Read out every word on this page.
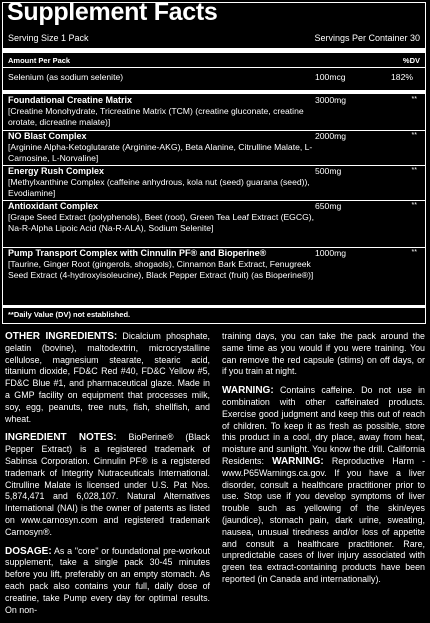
Supplement Facts
Serving Size 1 Pack	Servings Per Container 30
Amount Per Pack	%DV
Selenium (as sodium selenite)	100mcg	182%
Foundational Creatine Matrix
[Creatine Monohydrate, Tricreatine Matrix (TCM) (creatine gluconate, creatine orotate, dicreatine malate)]
3000mg	**
NO Blast Complex
[Arginine Alpha-Ketoglutarate (Arginine-AKG), Beta Alanine, Citrulline Malate, L-Carnosine, L-Norvaline]
2000mg	**
Energy Rush Complex
[Methylxanthine Complex (caffeine anhydrous, kola nut (seed) guarana (seed)), Evodiamine]
500mg	**
Antioxidant Complex
[Grape Seed Extract (polyphenols), Beet (root), Green Tea Leaf Extract (EGCG), Na-R-Alpha Lipoic Acid (Na-R-ALA), Sodium Selenite]
650mg	**
Pump Transport Complex with Cinnulin PF® and Bioperine®
[Taurine, Ginger Root (gingerols, shogaols), Cinnamon Bark Extract, Fenugreek Seed Extract (4-hydroxyisoleucine), Black Pepper Extract (fruit) (as Bioperine®)]
1000mg	**
**Daily Value (DV) not established.

OTHER INGREDIENTS: Dicalcium phosphate, gelatin (bovine), maltodextrin, microcrystalline cellulose, magnesium stearate, stearic acid, titanium dioxide, FD&C Red #40, FD&C Yellow #5, FD&C Blue #1, and pharmaceutical glaze. Made in a GMP facility on equipment that processes milk, soy, egg, peanuts, tree nuts, fish, shellfish, and wheat.

INGREDIENT NOTES: BioPerine® (Black Pepper Extract) is a registered trademark of Sabinsa Corporation. Cinnulin PF® is a registered trademark of Integrity Nutraceuticals International. Citrulline Malate is licensed under U.S. Pat Nos. 5,874,471 and 6,028,107. Natural Alternatives International (NAI) is the owner of patents as listed on www.carnosyn.com and registered trademark Carnosyn®.

DOSAGE: As a "core" or foundational pre-workout supplement, take a single pack 30-45 minutes before you lift, preferably on an empty stomach. As each pack also contains your full, daily dose of creatine, take Pump every day for optimal results. On non-

training days, you can take the pack around the same time as you would if you were training. You can remove the red capsule (stims) on off days, or if you train at night.

WARNING: Contains caffeine. Do not use in combination with other caffeinated products. Exercise good judgment and keep this out of reach of children. To keep it as fresh as possible, store this product in a cool, dry place, away from heat, moisture and sunlight. You know the drill. California Residents: WARNING: Reproductive Harm - www.P65Warnings.ca.gov. If you have a liver disorder, consult a healthcare practitioner prior to use. Stop use if you develop symptoms of liver trouble such as yellowing of the skin/eyes (jaundice), stomach pain, dark urine, sweating, nausea, unusual tiredness and/or loss of appetite and consult a healthcare practitioner. Rare, unpredictable cases of liver injury associated with green tea extract-containing products have been reported (in Canada and internationally).
